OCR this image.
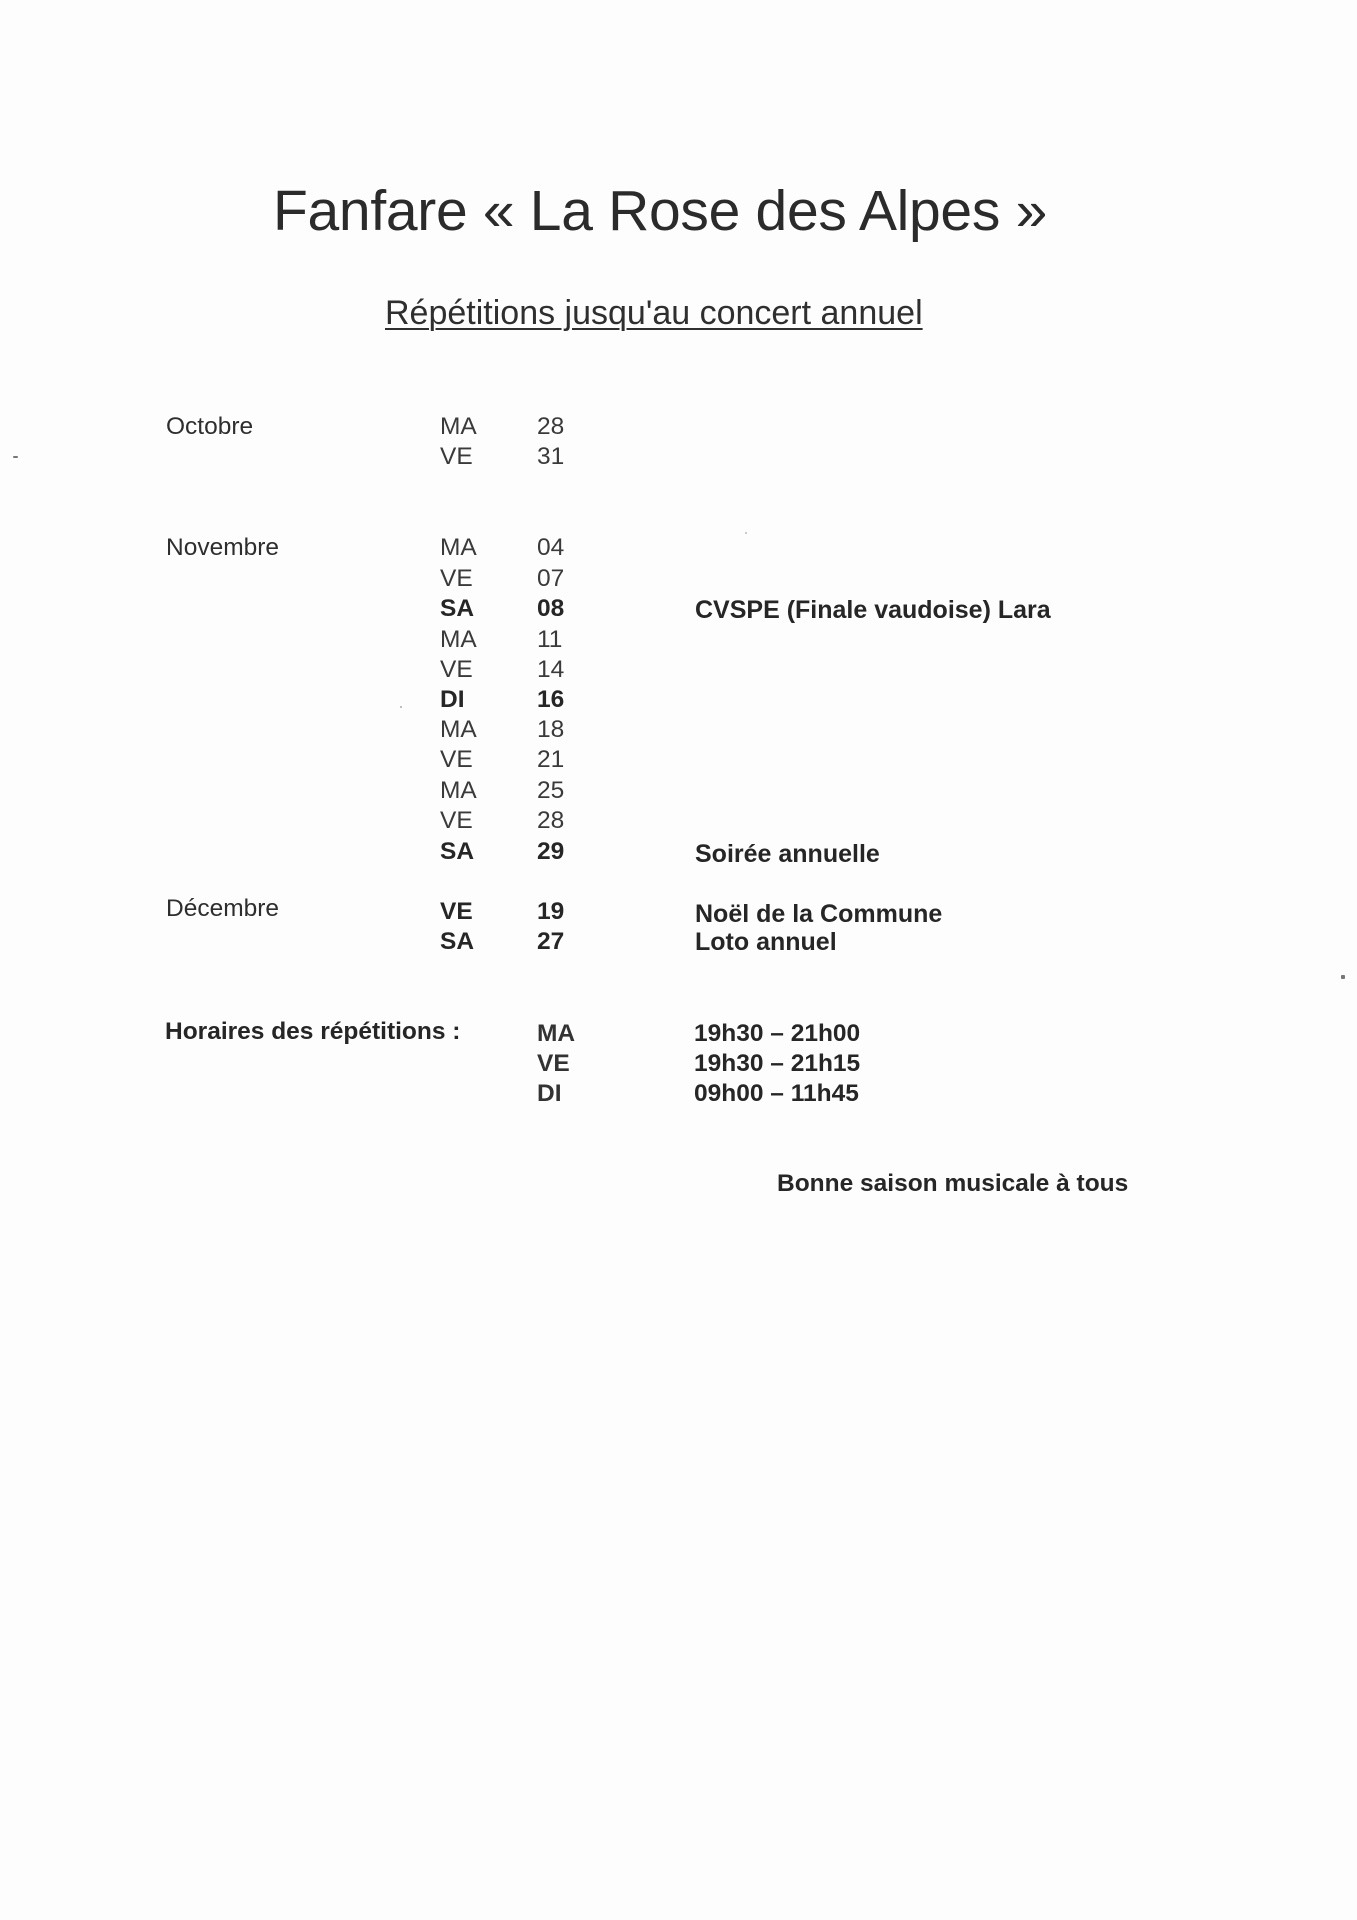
Fanfare « La Rose des Alpes »
Répétitions jusqu'au concert annuel
Octobre	MA 28
VE	31
Novembre	MA 04
VE	07
SA	08	CVSPE (Finale vaudoise) Lara
MA 11
VE	14
DI	16
MA 18
VE	21
MA 25
VE	28
SA	29	Soirée annuelle
Décembre	VE	19	Noël de la Commune
SA	27	Loto annuel
Horaires des répétitions :	MA	19h30 – 21h00
VE	19h30 – 21h15
DI	09h00 – 11h45
Bonne saison musicale à tous
